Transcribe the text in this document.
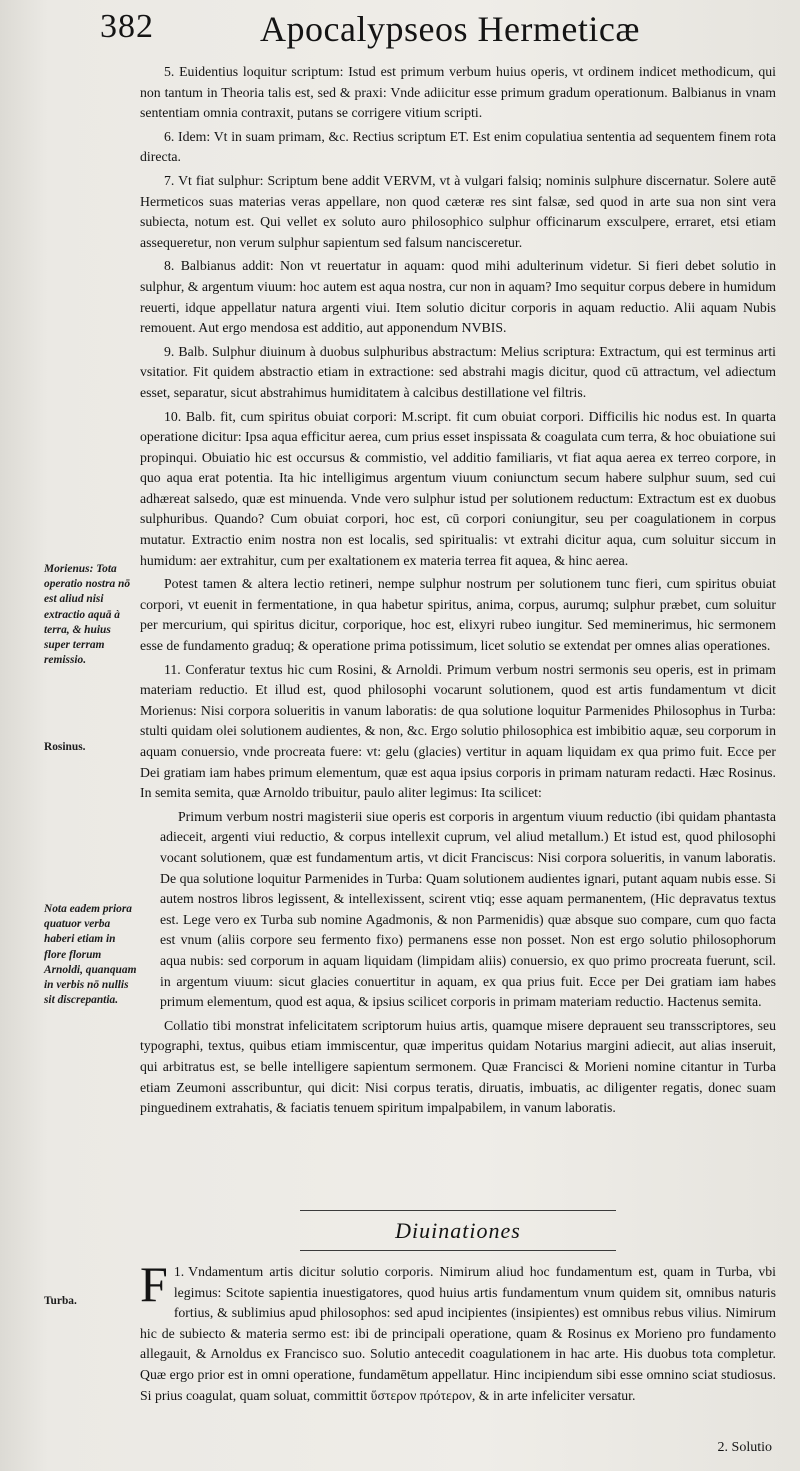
382	Apocalypseos Hermeticæ

5. Euidentius loquitur scriptum: Istud est primum verbum huius operis, vt ordinem indicet methodicum, qui non tantum in Theoria talis est, sed & praxi: Vnde adiicitur esse primum gradum operationum. Balbianus in vnam sententiam omnia contraxit, putans se corrigere vitium scripti.

6. Idem: Vt in suam primam, &c. Rectius scriptum ET. Est enim copulatiua sententia ad sequentem finem rota directa.

7. Vt fiat sulphur: Scriptum bene addit VERVM, vt à vulgari falsiq; nominis sulphure discernatur. Solere autē Hermeticos suas materias veras appellare, non quod cæteræ res sint falsæ, sed quod in arte sua non sint vera subiecta, notum est. Qui vellet ex soluto auro philosophico sulphur officinarum exsculpere, erraret, etsi etiam assequeretur, non verum sulphur sapientum sed falsum nancisceretur.

8. Balbianus addit: Non vt reuertatur in aquam: quod mihi adulterinum videtur. Si fieri debet solutio in sulphur, & argentum viuum: hoc autem est aqua nostra, cur non in aquam? Imo sequitur corpus debere in humidum reuerti, idque appellatur natura argenti viui. Item solutio dicitur corporis in aquam reductio. Alii aquam Nubis remouent. Aut ergo mendosa est additio, aut apponendum NVBIS.

9. Balb. Sulphur diuinum à duobus sulphuribus abstractum: Melius scriptura: Extractum, qui est terminus arti vsitatior. Fit quidem abstractio etiam in extractione: sed abstrahi magis dicitur, quod cū attractum, vel adiectum esset, separatur, sicut abstrahimus humiditatem à calcibus destillatione vel filtris.

10. Balb. fit, cum spiritus obuiat corpori: M.script. fit cum obuiat corpori. Difficilis hic nodus est. In quarta operatione dicitur: Ipsa aqua efficitur aerea, cum prius esset inspissata & coagulata cum terra, & hoc obuiatione sui propinqui. Obuiatio hic est occursus & commistio, vel additio familiaris, vt fiat aqua aerea ex terreo corpore, in quo aqua erat potentia. Ita hic intelligimus argentum viuum coniunctum secum habere sulphur suum, sed cui adhæreat salsedo, quæ est minuenda. Vnde vero sulphur istud per solutionem reductum: Extractum est ex duobus sulphuribus. Quando? Cum obuiat corpori, hoc est, cū corpori coniungitur, seu per coagulationem in corpus mutatur. Extractio enim nostra non est localis, sed spiritualis: vt extrahi dicitur aqua, cum soluitur siccum in humidum: aer extrahitur, cum per exaltationem ex materia terrea fit aquea, & hinc aerea.

Potest tamen & altera lectio retineri, nempe sulphur nostrum per solutionem tunc fieri, cum spiritus obuiat corpori, vt euenit in fermentatione, in qua habetur spiritus, anima, corpus, aurumq; sulphur præbet, cum soluitur per mercurium, qui spiritus dicitur, corporique, hoc est, elixyri rubeo iungitur. Sed meminerimus, hic sermonem esse de fundamento graduq; & operatione prima potissimum, licet solutio se extendat per omnes alias operationes.

11. Conferatur textus hic cum Rosini, & Arnoldi. Primum verbum nostri sermonis seu operis, est in primam materiam reductio. Et illud est, quod philosophi vocarunt solutionem, quod est artis fundamentum vt dicit Morienus: Nisi corpora solueritis in vanum laboratis: de qua solutione loquitur Parmenides Philosophus in Turba: stulti quidam olei solutionem audientes, & non, &c. Ergo solutio philosophica est imbibitio aquæ, seu corporum in aquam conuersio, vnde procreata fuere: vt: gelu (glacies) vertitur in aquam liquidam ex qua primo fuit. Ecce per Dei gratiam iam habes primum elementum, quæ est aqua ipsius corporis in primam naturam redacti. Hæc Rosinus. In semita semita, quæ Arnoldo tribuitur, paulo aliter legimus: Ita scilicet:

Primum verbum nostri magisterii siue operis est corporis in argentum viuum reductio (ibi quidam phantasta adieceit, argenti viui reductio, & corpus intellexit cuprum, vel aliud metallum.) Et istud est, quod philosophi vocant solutionem, quæ est fundamentum artis, vt dicit Franciscus: Nisi corpora solueritis, in vanum laboratis. De qua solutione loquitur Parmenides in Turba: Quam solutionem audientes ignari, putant aquam nubis esse. Si autem nostros libros legissent, & intellexissent, scirent vtiq; esse aquam permanentem, (Hic depravatus textus est. Lege vero ex Turba sub nomine Agadmonis, & non Parmenidis) quæ absque suo compare, cum quo facta est vnum (aliis corpore seu fermento fixo) permanens esse non posset. Non est ergo solutio philosophorum aqua nubis: sed corporum in aquam liquidam (limpidam aliis) conuersio, ex quo primo procreata fuerunt, scil. in argentum viuum: sicut glacies conuertitur in aquam, ex qua prius fuit. Ecce per Dei gratiam iam habes primum elementum, quod est aqua, & ipsius scilicet corporis in primam materiam reductio. Hactenus semita.

Collatio tibi monstrat infelicitatem scriptorum huius artis, quamque misere deprauent seu transscriptores, seu typographi, textus, quibus etiam immiscentur, quæ imperitus quidam Notarius margini adiecit, aut alias inseruit, qui arbitratus est, se belle intelligere sapientum sermonem. Quæ Francisci & Morieni nomine citantur in Turba etiam Zeumoni asscribuntur, qui dicit: Nisi corpus teratis, diruatis, imbuatis, ac diligenter regatis, donec suam pinguedinem extrahatis, & faciatis tenuem spiritum impalpabilem, in vanum laboratis.

Morienus: Tota operatio nostra nō est aliud nisi extractio aquā à terra, & huius super terram remissio.
Rosinus.
Nota eadem priora quatuor verba haberi etiam in flore florum Arnoldi, quanquam in verbis nō nullis sit discrepantia.
Turba.
Diuinationes
1.
F Vndamentum artis dicitur solutio corporis. Nimirum aliud hoc fundamentum est, quam in Turba, vbi legimus: Scitote sapientia inuestigatores, quod huius artis fundamentum vnum quidem sit, omnibus naturis fortius, & sublimius apud philosophos: sed apud incipientes (insipientes) est omnibus rebus vilius. Nimirum hic de subiecto & materia sermo est: ibi de principali operatione, quam & Rosinus ex Morieno pro fundamento allegauit, & Arnoldus ex Francisco suo. Solutio antecedit coagulationem in hac arte. His duobus tota completur. Quæ ergo prior est in omni operatione, fundamētum appellatur. Hinc incipiendum sibi esse omnino sciat studiosus. Si prius coagulat, quam soluat, committit ὕστερον πρότερον, & in arte infeliciter versatur.
2. Solutio
